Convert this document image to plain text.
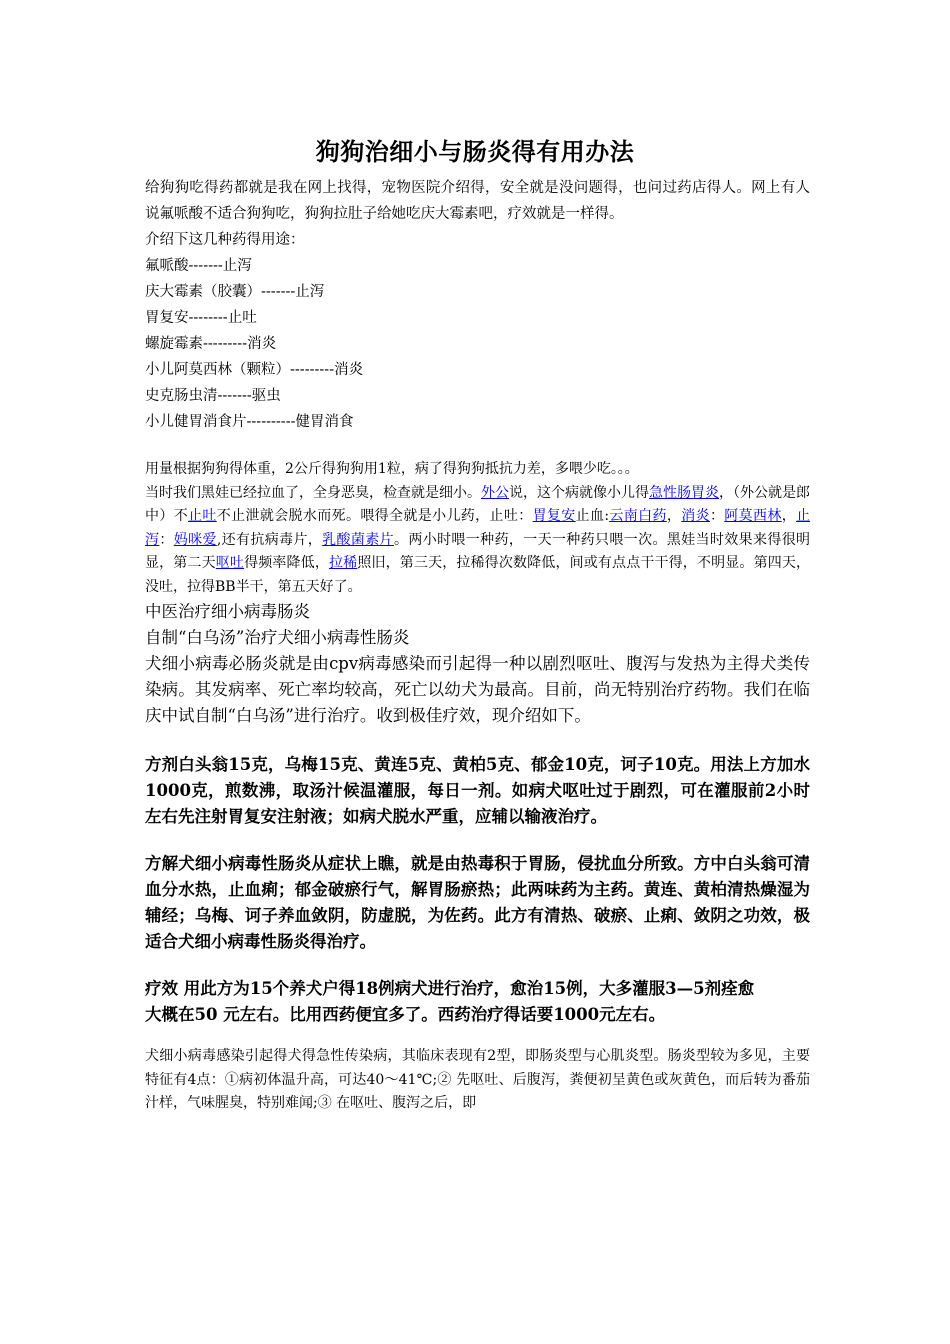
狗狗治细小与肠炎得有用办法

给狗狗吃得药都就是我在网上找得，宠物医院介绍得，安全就是没问题得，也问过药店得人。网上有人说氟哌酸不适合狗狗吃，狗狗拉肚子给她吃庆大霉素吧，疗效就是一样得。

介绍下这几种药得用途：

氟哌酸-------止泻

庆大霉素（胶囊）-------止泻

胃复安--------止吐

螺旋霉素---------消炎

小儿阿莫西林（颗粒）---------消炎

史克肠虫清-------驱虫

小儿健胃消食片----------健胃消食

用量根据狗狗得体重，2公斤得狗狗用1粒，病了得狗狗抵抗力差，多喂少吃。。。

当时我们黑娃已经拉血了，全身恶臭，检查就是细小。外公说，这个病就像小儿得急性肠胃炎，（外公就是郎中）不止吐不止泄就会脱水而死。喂得全就是小儿药，止吐：胃复安止血:云南白药，消炎：阿莫西林，止泻：妈咪爱,还有抗病毒片，乳酸菌素片。两小时喂一种药，一天一种药只喂一次。黑娃当时效果来得很明显，第二天呕吐得频率降低，拉稀照旧，第三天，拉稀得次数降低，间或有点点干干得，不明显。第四天，没吐，拉得BB半干，第五天好了。

中医治疗细小病毒肠炎

自制“白乌汤”治疗犬细小病毒性肠炎

犬细小病毒必肠炎就是由cpv病毒感染而引起得一种以剧烈呕吐、腹泻与发热为主得犬类传染病。其发病率、死亡率均较高，死亡以幼犬为最高。目前，尚无特别治疗药物。我们在临庆中试自制“白乌汤”进行治疗。收到极佳疗效，现介绍如下。

方剂白头翁15克，乌梅15克、黄连5克、黄柏5克、郁金10克，诃子10克。用法上方加水1000克，煎数沸，取汤汁候温灌服，每日一剂。如病犬呕吐过于剧烈，可在灌服前2小时左右先注射胃复安注射液；如病犬脱水严重，应辅以输液治疗。

方解犬细小病毒性肠炎从症状上瞧，就是由热毒积于胃肠，侵扰血分所致。方中白头翁可清血分水热，止血痢；郁金破瘀行气，解胃肠瘀热；此两味药为主药。黄连、黄柏清热燥湿为辅经；乌梅、诃子养血敛阴，防虚脱，为佐药。此方有清热、破瘀、止痢、敛阴之功效，极适合犬细小病毒性肠炎得治疗。

疗效 用此方为15个养犬户得18例病犬进行治疗，愈治15例，大多灌服3—5剂痊愈

大概在50 元左右。比用西药便宜多了。西药治疗得话要1000元左右。

犬细小病毒感染引起得犬得急性传染病，其临床表现有2型，即肠炎型与心肌炎型。肠炎型较为多见，主要特征有4点：①病初体温升高，可达40～41℃;② 先呕吐、后腹泻，粪便初呈黄色或灰黄色，而后转为番茄汁样，气味腥臭，特别难闻;③ 在呕吐、腹泻之后，即
